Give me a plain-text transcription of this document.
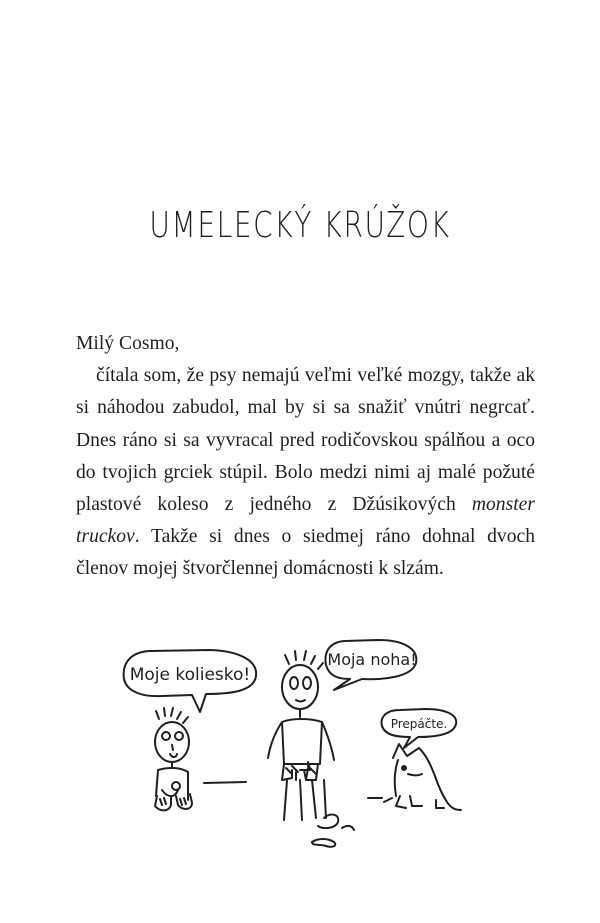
UMELECKÝ KRÚŽOK

Milý Cosmo,

čítala som, že psy nemajú veľmi veľké mozgy, takže ak si náhodou zabudol, mal by si sa snažiť vnútri negrcať. Dnes ráno si sa vyvracal pred rodičovskou spálňou a oco do tvojich grciek stúpil. Bolo medzi nimi aj malé požuté plastové koleso z jedného z Džúsikových monster truckov. Takže si dnes o siedmej ráno dohnal dvoch členov mojej štvorčlennej domácnosti k slzám.

Moje koliesko!
Moja noha!
Prepáčte.
